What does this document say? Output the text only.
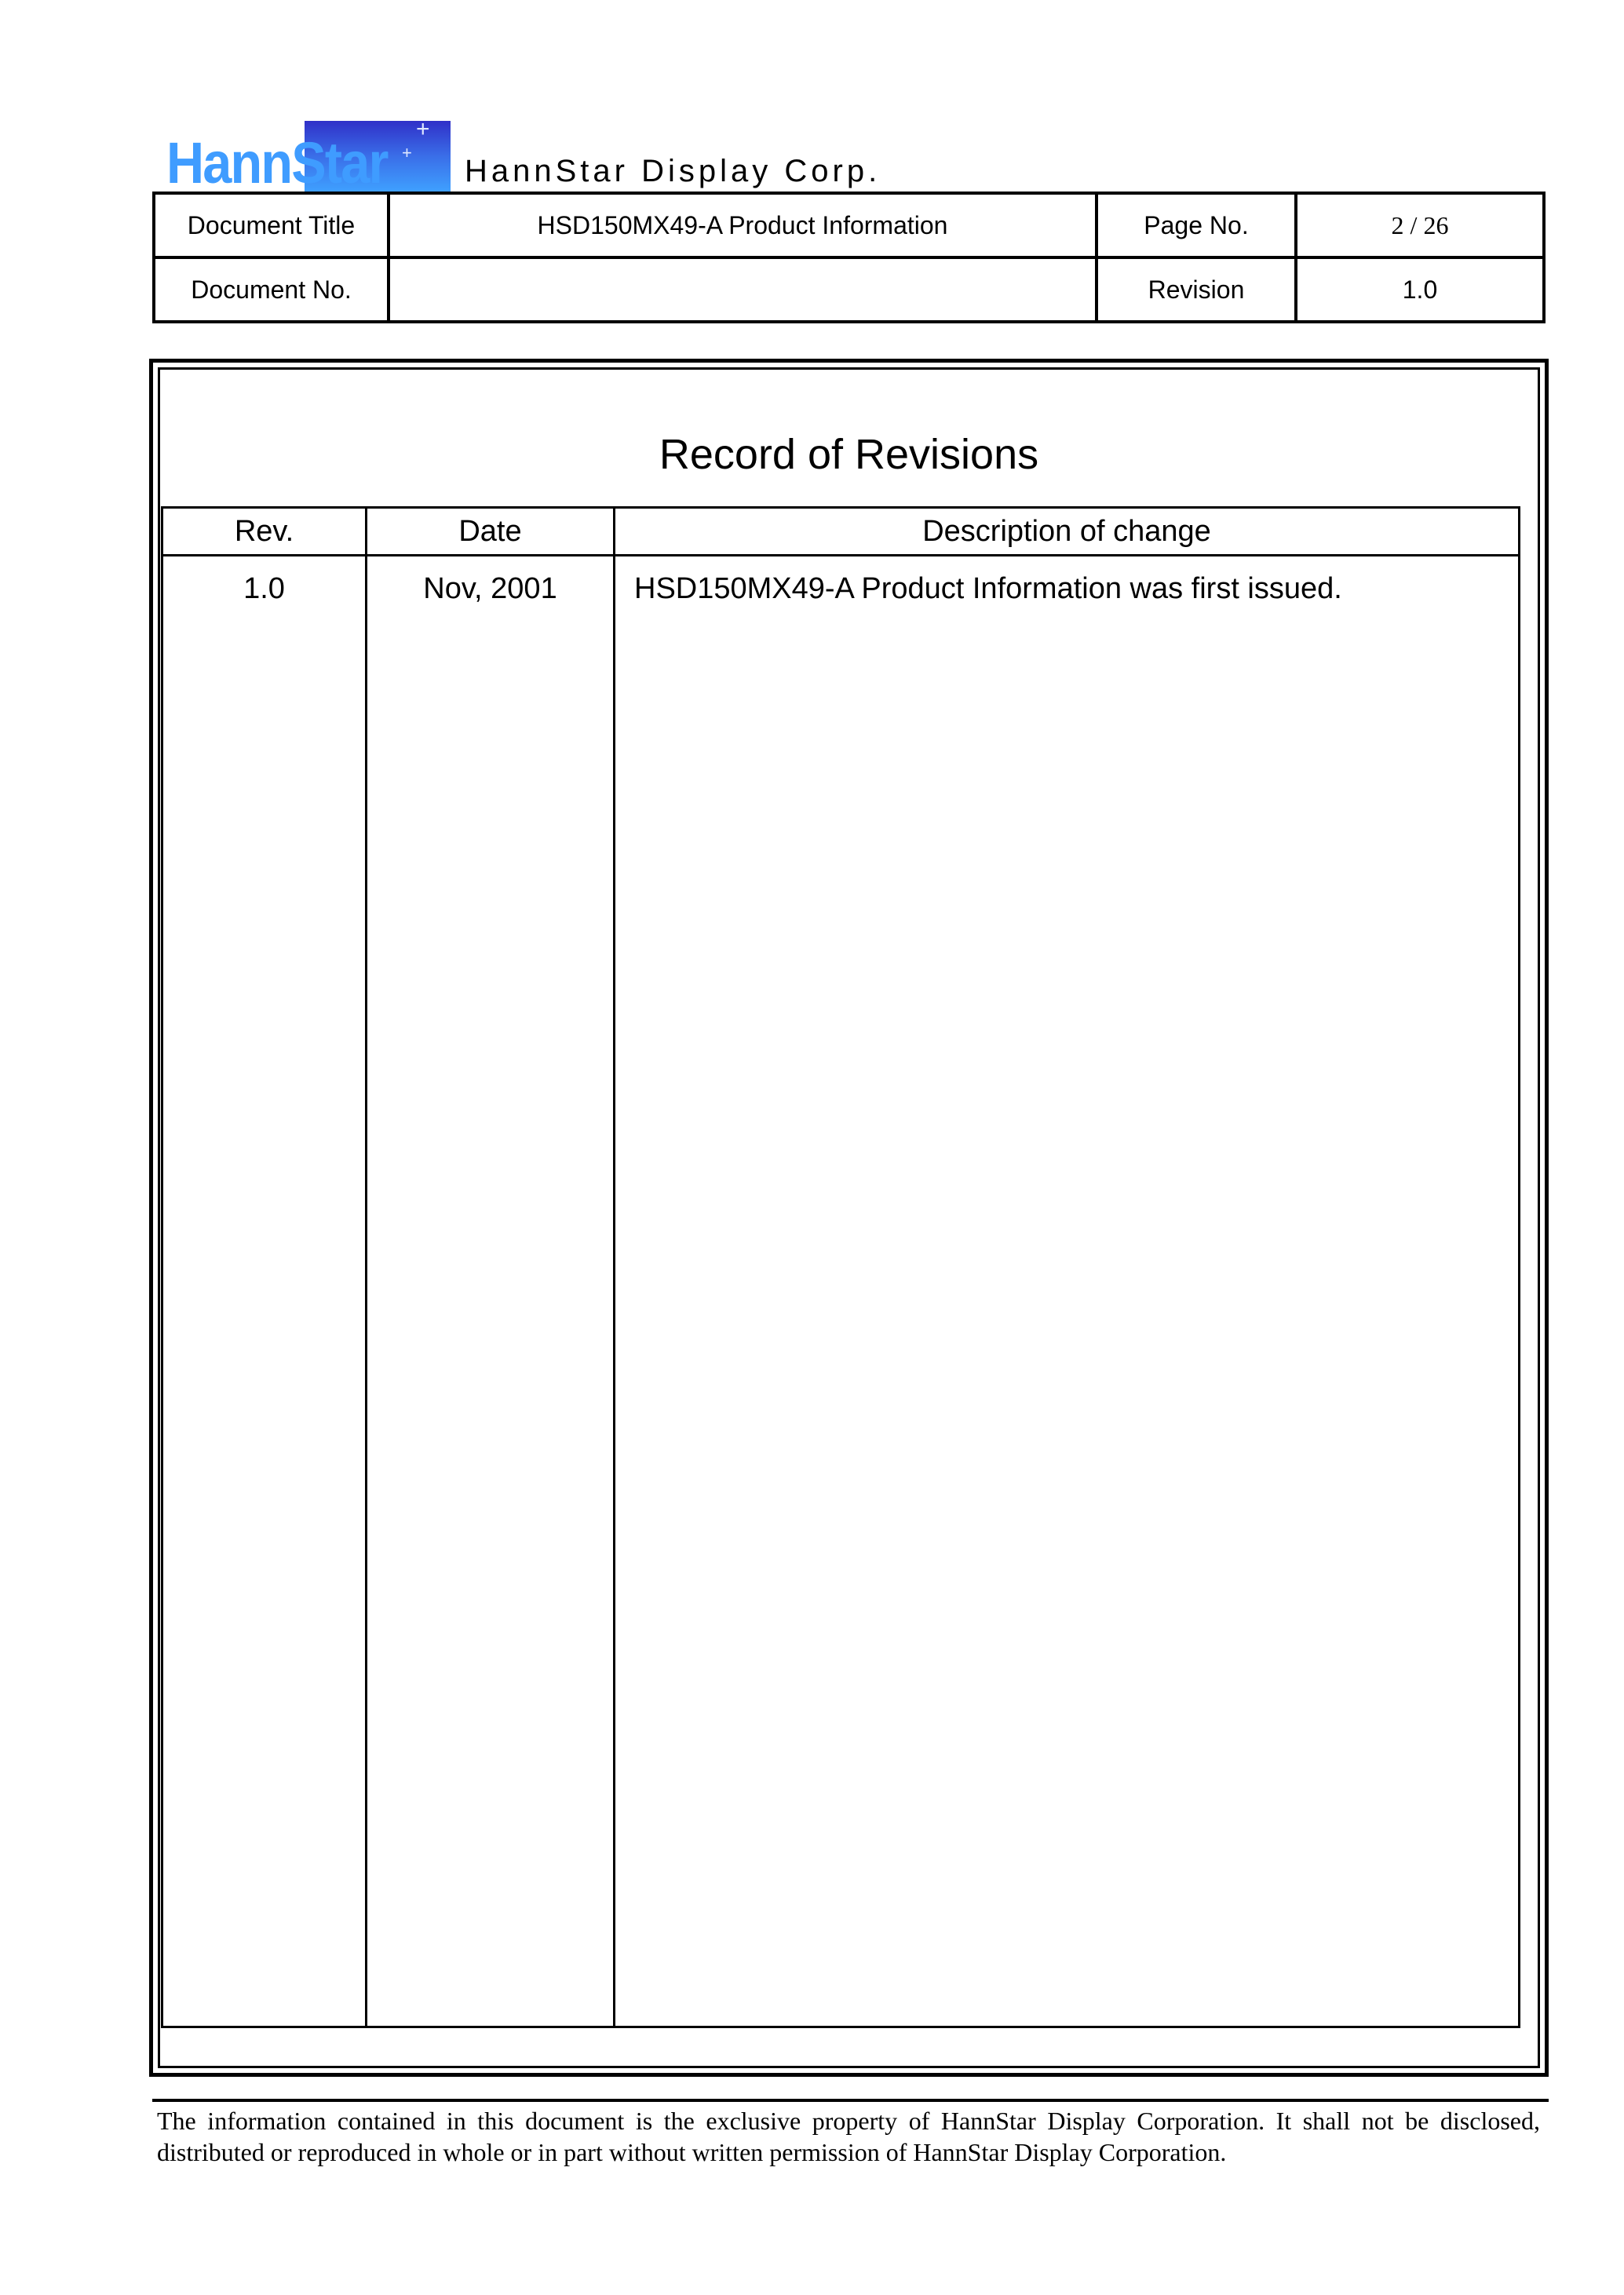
+
+
HannStar HannStar Display Corp.
Document Title	HSD150MX49-A Product Information	Page No.	2 / 26
Document No.		Revision	1.0
Record of Revisions
Rev.	Date	Description of change
1.0	Nov, 2001	HSD150MX49-A Product Information was first issued.
The information contained in this document is the exclusive property of HannStar Display Corporation. It shall not be disclosed, distributed or reproduced in whole or in part without written permission of HannStar Display Corporation.
